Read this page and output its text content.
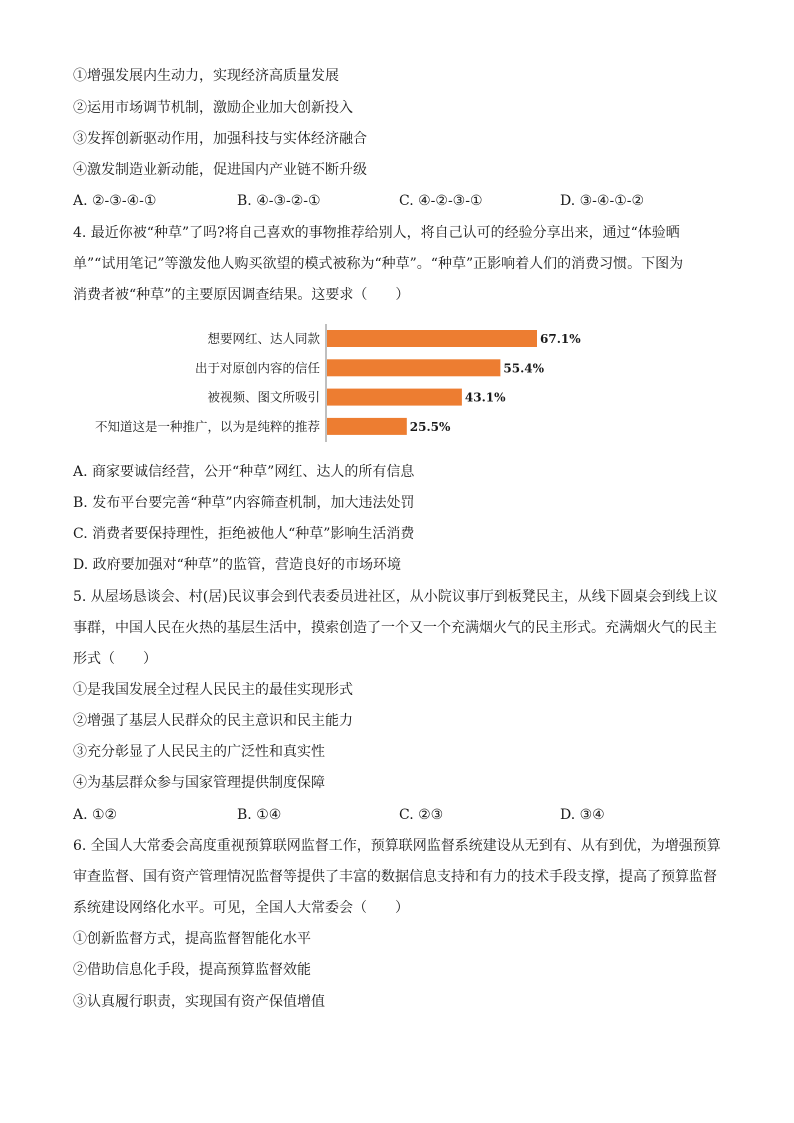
①增强发展内生动力，实现经济高质量发展
②运用市场调节机制，激励企业加大创新投入
③发挥创新驱动作用，加强科技与实体经济融合
④激发制造业新动能，促进国内产业链不断升级
A. ②-③-④-①	B. ④-③-②-①	C. ④-②-③-①	D. ③-④-①-②
4. 最近你被“种草”了吗?将自己喜欢的事物推荐给别人，将自己认可的经验分享出来，通过“体验晒
单”“试用笔记”等激发他人购买欲望的模式被称为“种草”。“种草”正影响着人们的消费习惯。下图为
消费者被“种草”的主要原因调查结果。这要求（　　）
想要网红、达人同款	67.1%
出于对原创内容的信任	55.4%
被视频、图文所吸引	43.1%
不知道这是一种推广，以为是纯粹的推荐	25.5%
A. 商家要诚信经营，公开“种草”网红、达人的所有信息
B. 发布平台要完善“种草”内容筛查机制，加大违法处罚
C. 消费者要保持理性，拒绝被他人“种草”影响生活消费
D. 政府要加强对“种草”的监管，营造良好的市场环境
5. 从屋场恳谈会、村(居)民议事会到代表委员进社区，从小院议事厅到板凳民主，从线下圆桌会到线上议
事群，中国人民在火热的基层生活中，摸索创造了一个又一个充满烟火气的民主形式。充满烟火气的民主
形式（　　）
①是我国发展全过程人民民主的最佳实现形式
②增强了基层人民群众的民主意识和民主能力
③充分彰显了人民民主的广泛性和真实性
④为基层群众参与国家管理提供制度保障
A. ①②	B. ①④	C. ②③	D. ③④
6. 全国人大常委会高度重视预算联网监督工作，预算联网监督系统建设从无到有、从有到优，为增强预算
审查监督、国有资产管理情况监督等提供了丰富的数据信息支持和有力的技术手段支撑，提高了预算监督
系统建设网络化水平。可见，全国人大常委会（　　）
①创新监督方式，提高监督智能化水平
②借助信息化手段，提高预算监督效能
③认真履行职责，实现国有资产保值增值
